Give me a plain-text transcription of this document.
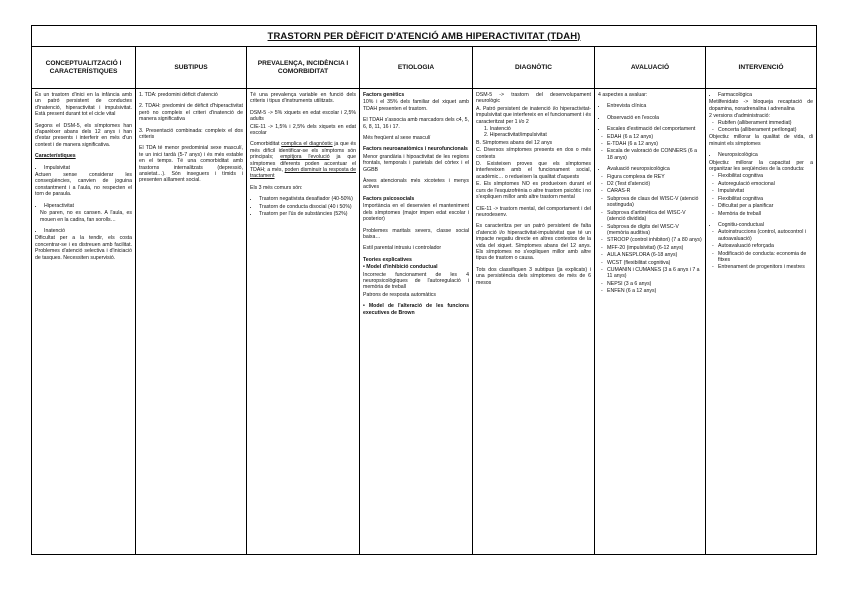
TRASTORN PER DÈFICIT D'ATENCIÓ AMB HIPERACTIVITAT (TDAH)
CONCEPTUALITZACIÓ I CARACTERÍSTIQUES

És un trastorn d'inici en la infància amb un patró persistent de conductes d'inatenció, hiperactivitat i impulsivitat. Està present durant tot el cicle vital

Segons el DSM-5, els símptomes han d'aparèixer abans dels 12 anys i han d'estar presents i interferir en més d'un context i de manera significativa.

Característiques

• Impulsivitat

Actuen sense considerar les conseqüències, canvien de joguina constantment i a l'aula, no respecten el torn de paraula.

• Hiperactivitat

No paren, no es cansen. A l'aula, es mouen en la cadira, fan sorolls…

• Inatenció

Dificultat per a la tendir, els costa concentrar-se i es distreuen amb facilitat. Problemes d'atenció selectiva i d'iniciació de tasques. Necessiten supervisió.

SUBTIPUS

1. TDA: predomini dèficit d'atenció

2. TDAH: predomini de dèficit d'hiperactivitat però no compleix el criteri d'inatenció de manera significativa

3. Presentació combinada: compleix el dos criteris

El TDA té menor predominial sexe masculí, te un inici tardà (5-7 anys) i és més estable en el temps. Té una comorbiditat amb trastorns internalitzats (depressió, ansietat…). Són inseguers i tímids i presenten aïllament social.

PREVALENÇA, INCIDÈNCIA I COMORBIDITAT

Té una prevalença variable en funció dels criteris i tipus d'instruments utilitzats.

DSM-5 -> 5% xiquets en edat escolar i 2,5% adults

CIE-11 -> 1,5% i 2,5% dels xiquets en edat escolar

Comorbiditat complica el diagnòstic ja que és més difícil identificar-se els símptoms són principals; empitjora l'evolució ja que símptomes diferents poden accentuar el TDAH; a més, poden disminuir la resposta de tractament

Els 3 més comurs són:

• Trastorn negativista desafiador (40-50%)
• Trastorn de conducta disocial (40 i 50%)
• Trastorn per l'ús de substàncies (52%)
ETIOLOGIA

Factors genètics

10% i el 35% dels familiar del xiquet amb TDAH presenten el trastorn.

El TDAH s'associa amb marcadors dels c4, 5, 6, 8, 11, 16 i 17.

Més freqüent al sexe masculí

Factors neuroanatòmics i neurofuncionals

Menor grandària i hipoactivitat de les regions frontals, temporals i parietals del còrtex i el GGBB

Àrees atencionals més xicotetes i menys actives

Factors psicosocials

Importància en el desenvien el manteniment dels símptomes (major impen edat escolar i posterior)

Problemes maritals severs, classe social baixa…

Estil parental intrusiu i controlador

Teories explicatives

• Model d'inhibició conductual

Incorrecte funcionament de les 4 neuropsicològiques de l'autoregulació i memòria de treball

Patrons de resposta automàtics

• Model de l'alteració de les funcions executives de Brown

DIAGNÒTIC

DSM-5 -> trastorn del desenvolupament neurològic

A. Patró persistent de inatenció i/o hiperactivitat-impulsivitat que interfereix en el funcionament i és caracteritzat per 1 i/o 2

1. Inatenció

2. Hiperactivitat/impulsivitat

B. Símptomes abans del 12 anys

C. Diversos símptomes presents en dos o més contexts

D. Existeixen proves que els símptomes interfereixen amb el funcionament social, acadèmic… o redueixen la qualitat d'aquests

E. Els símptomes NO es produeixen durant el curs de l'esquizofrènia o altre trastorn psicòtic i no s'expliquen millor amb altre trastorn mental

CIE-11 -> trastorn mental, del comportament i del neurodesenv.

Es caracteritza per un patró persistent de falta d'atenció i/o hiperactivitat-impulsivitat que té un impacte negatiu directe en altres contextos de la vida del xiquet. Símptomes abans del 12 anys. Els símptomes no s'expliquen millor amb altre tipus de trastorn o causa.

Tots dos classifiquen 3 subtipus (ja explicats) i una persistència dels símptomes de més de 6 mesos

AVALUACIÓ

4 aspectes a avaluar:

• Entrevista clínica
• Observació en l'escola
• Escales d'estimació del comportament
- EDAH (6 a 12 anys)
- E-TDAH (6 a 12 anys)
- Escala de valoració de CONNERS (6 a 18 anys)
• Avaluació neuropsicològica
- Figura complexa de REY
- D2 (Test d'atenció)
- CARAS-R
- Subprova de claus del WISC-V (atenció sostinguda)
- Subprova d'aritmètica del WISC-V (atenció dividida)
- Subprova de dígits del WISC-V (memòria auditiva)
- STROOP (control inhibitori) (7 a 80 anys)
- MFF-20 (impulsivitat) (6-12 anys)
- AULA NESPLORA (6-18 anys)
- WCST (flexibilitat cognitiva)
- CUMANIN i CUMANES (3 a 6 anys i 7 a 11 anys)
- NEPSI (3 a 6 anys)
- ENFEN (6 a 12 anys)
INTERVENCIÓ
• Farmacològica

Metilfenidato -> bloqueja recaptació de dopamina, noradrenalina i adrenalina

2 versions d'administració:

- Rubifen (alliberament immediat)
- Concerta (alliberament perllongat)

Objectiu: millorar la qualitat de vida, di minuint els símptomes

• Neuropsicològica

Objectiu: millorar la capacitat per a organitzar les seqüències de la conducta:

- Flexibilitat cognitiva
- Autoregulació emocional
- Impulsivitat
- Flexibilitat cognitiva
- Dificultat per a planificar
- Memòria de treball
• Cognitiu-conductual
- Autoinstruccions (control, autocontrol i autoavaluació)
- Autoavaluació reforçada
- Modificació de conducta: economia de fitxes
- Entrenament de progenitors i mestres
